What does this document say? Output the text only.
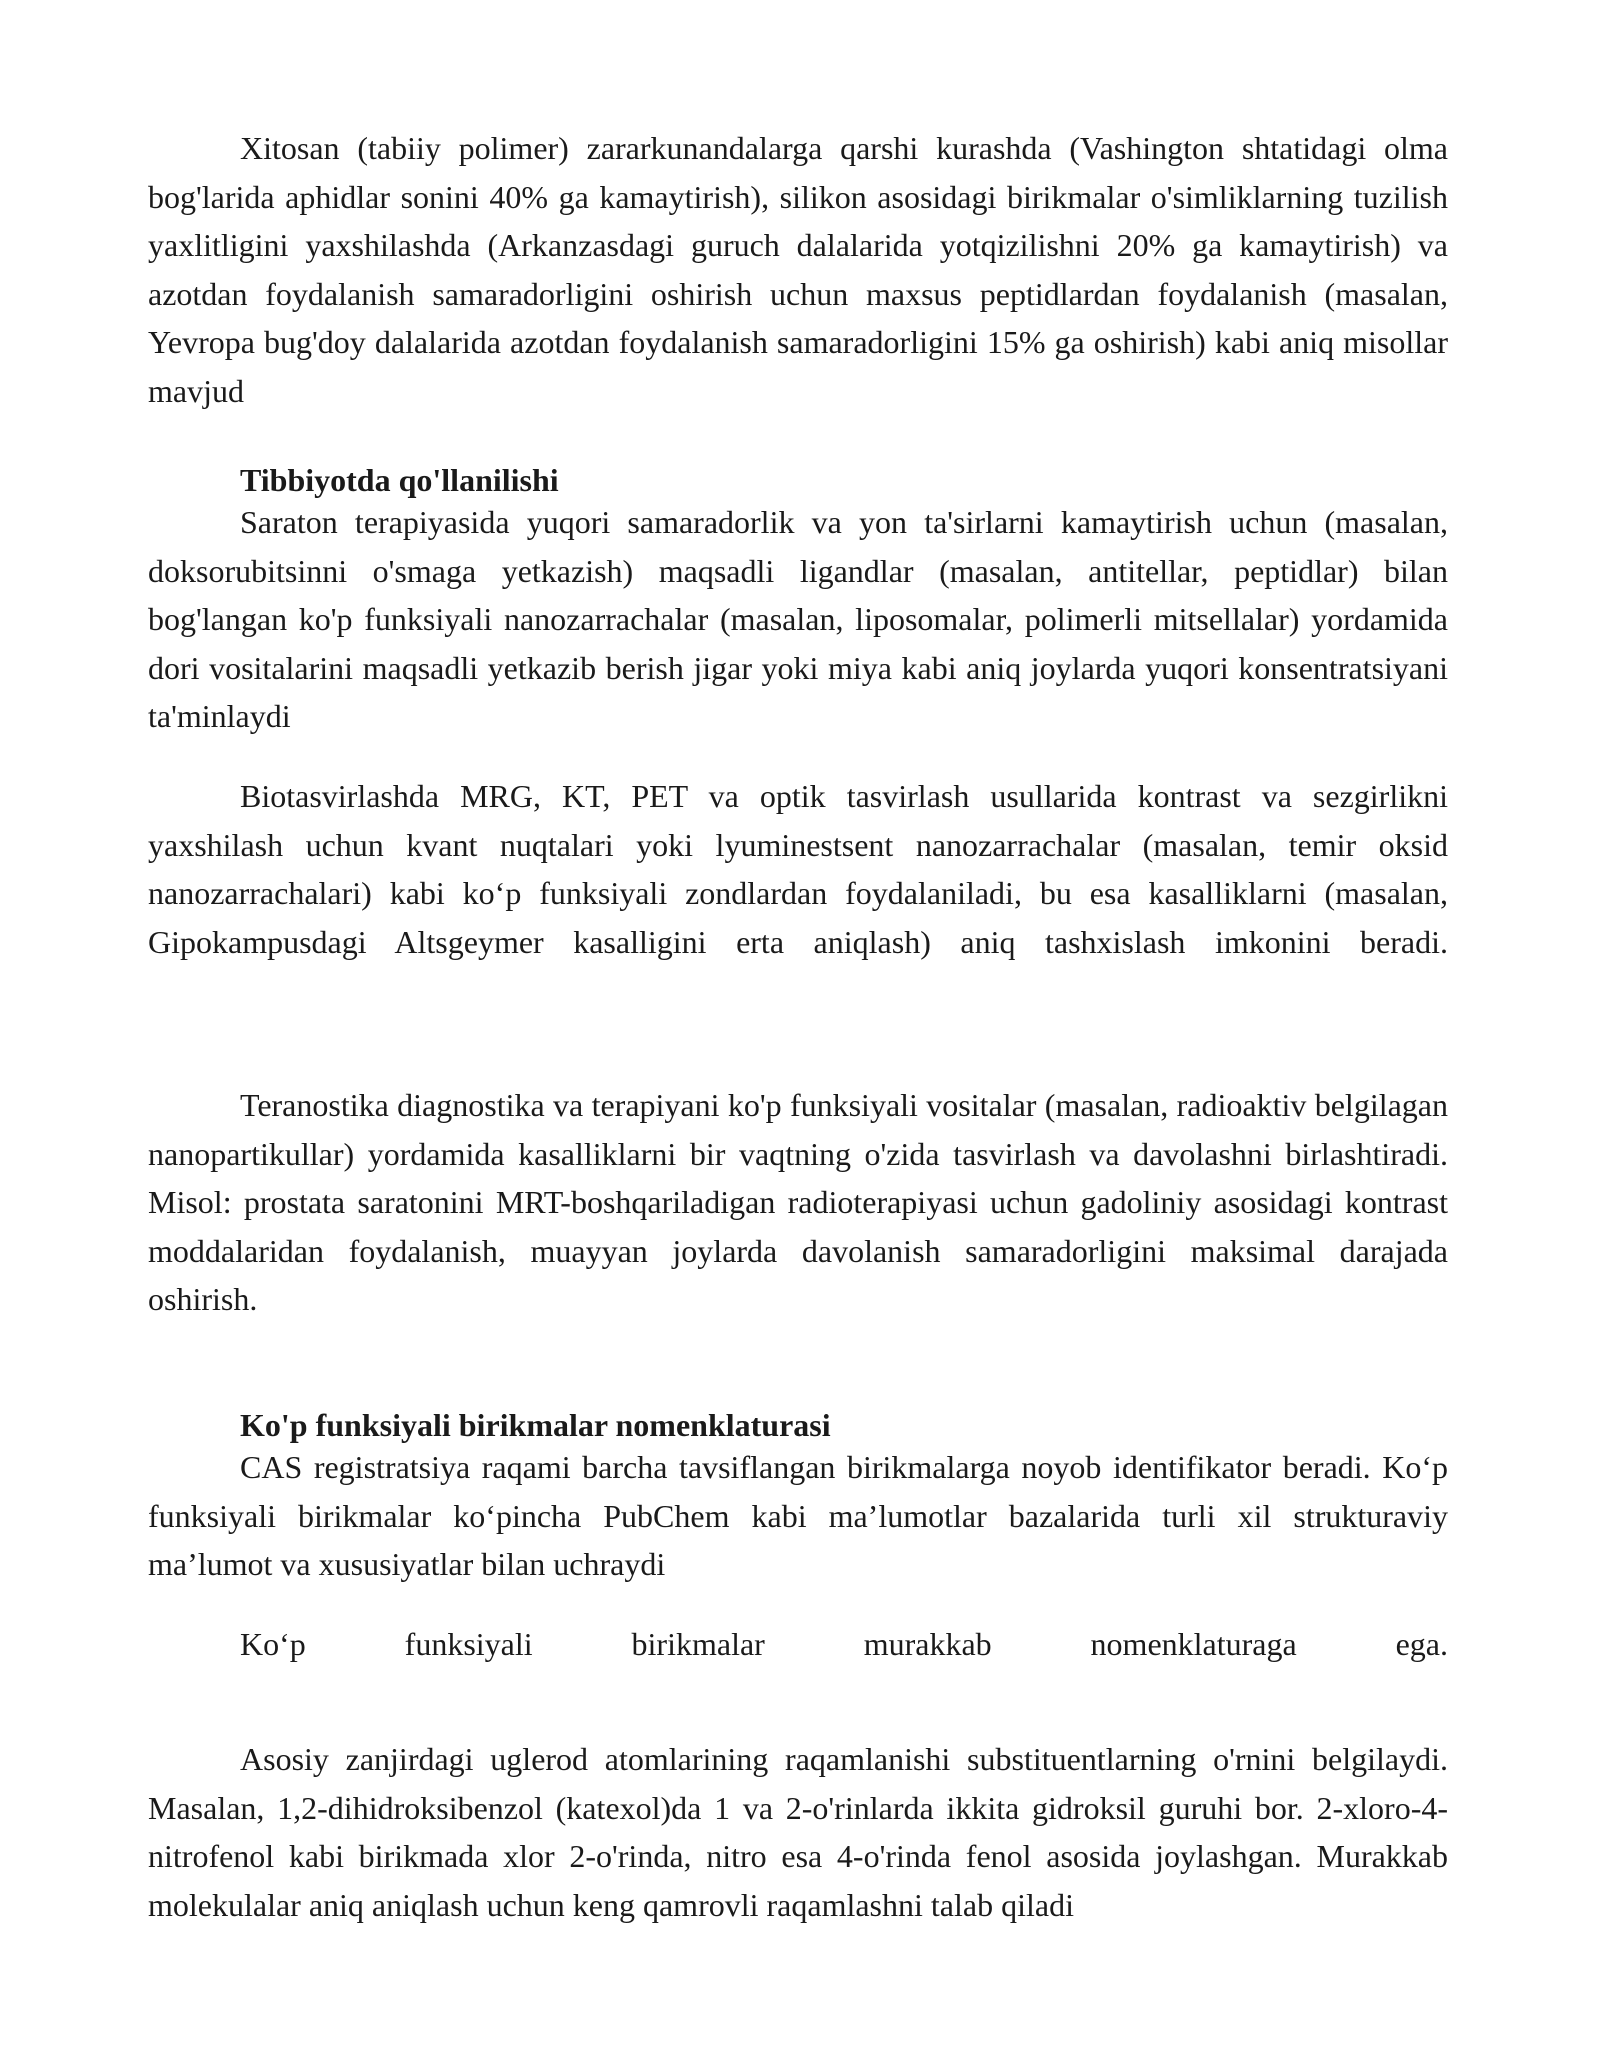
Xitosan (tabiiy polimer) zararkunandalarga qarshi kurashda (Vashington shtatidagi olma bog'larida aphidlar sonini 40% ga kamaytirish), silikon asosidagi birikmalar o'simliklarning tuzilish yaxlitligini yaxshilashda (Arkanzasdagi guruch dalalarida yotqizilishni 20% ga kamaytirish) va azotdan foydalanish samaradorligini oshirish uchun maxsus peptidlardan foydalanish (masalan, Yevropa bug'doy dalalarida azotdan foydalanish samaradorligini 15% ga oshirish) kabi aniq misollar mavjud

Tibbiyotda qo'llanilishi

Saraton terapiyasida yuqori samaradorlik va yon ta'sirlarni kamaytirish uchun (masalan, doksorubitsinni o'smaga yetkazish) maqsadli ligandlar (masalan, antitellar, peptidlar) bilan bog'langan ko'p funksiyali nanozarrachalar (masalan, liposomalar, polimerli mitsellalar) yordamida dori vositalarini maqsadli yetkazib berish jigar yoki miya kabi aniq joylarda yuqori konsentratsiyani ta'minlaydi

Biotasvirlashda MRG, KT, PET va optik tasvirlash usullarida kontrast va sezgirlikni yaxshilash uchun kvant nuqtalari yoki lyuminestsent nanozarrachalar (masalan, temir oksid nanozarrachalari) kabi koʻp funksiyali zondlardan foydalaniladi, bu esa kasalliklarni (masalan, Gipokampusdagi Altsgeymer kasalligini erta aniqlash) aniq tashxislash imkonini beradi.

Teranostika diagnostika va terapiyani ko'p funksiyali vositalar (masalan, radioaktiv belgilagan nanopartikullar) yordamida kasalliklarni bir vaqtning o'zida tasvirlash va davolashni birlashtiradi. Misol: prostata saratonini MRT-boshqariladigan radioterapiyasi uchun gadoliniy asosidagi kontrast moddalaridan foydalanish, muayyan joylarda davolanish samaradorligini maksimal darajada oshirish.

Ko'p funksiyali birikmalar nomenklaturasi

CAS registratsiya raqami barcha tavsiflangan birikmalarga noyob identifikator beradi. Koʻp funksiyali birikmalar koʻpincha PubChem kabi maʼlumotlar bazalarida turli xil strukturaviy maʼlumot va xususiyatlar bilan uchraydi

Koʻp funksiyali birikmalar murakkab nomenklaturaga ega.

Asosiy zanjirdagi uglerod atomlarining raqamlanishi substituentlarning o'rnini belgilaydi. Masalan, 1,2-dihidroksibenzol (katexol)da 1 va 2-o'rinlarda ikkita gidroksil guruhi bor. 2-xloro-4-nitrofenol kabi birikmada xlor 2-o'rinda, nitro esa 4-o'rinda fenol asosida joylashgan. Murakkab molekulalar aniq aniqlash uchun keng qamrovli raqamlashni talab qiladi
